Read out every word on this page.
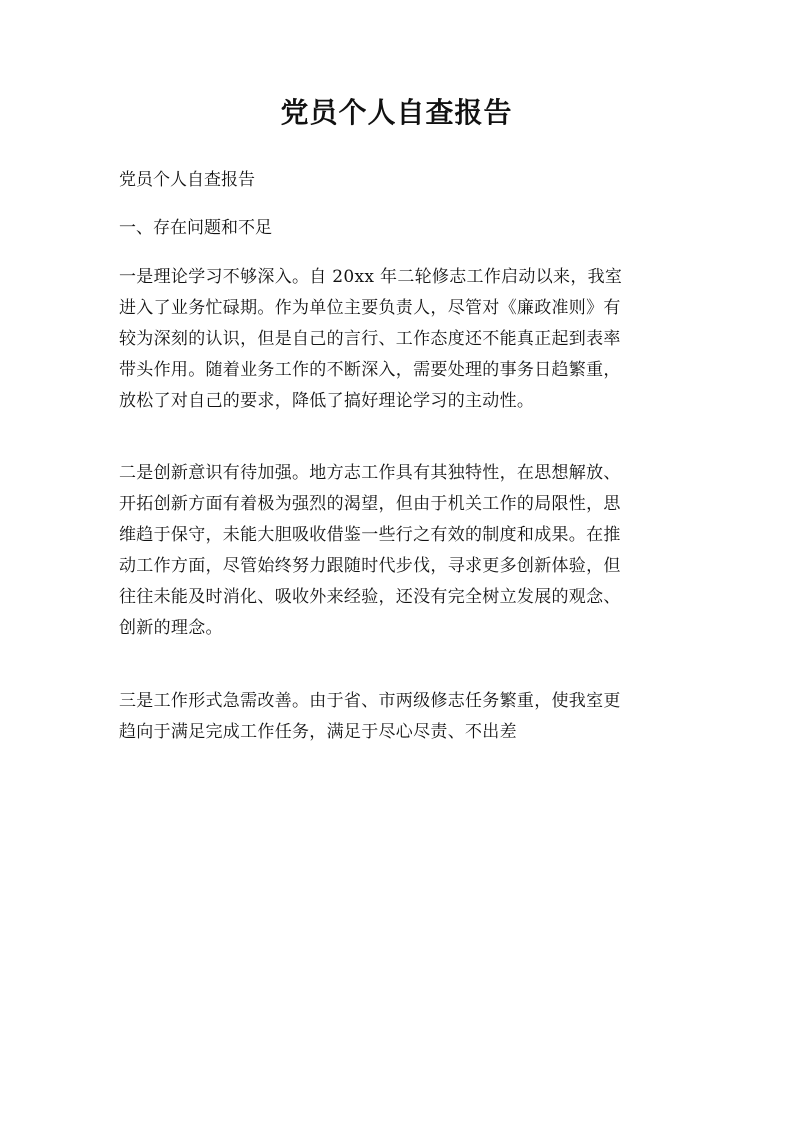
党员个人自查报告

党员个人自查报告

一、存在问题和不足

一是理论学习不够深入。自 20xx 年二轮修志工作启动以来，我室
进入了业务忙碌期。作为单位主要负责人，尽管对《廉政准则》有
较为深刻的认识，但是自己的言行、工作态度还不能真正起到表率
带头作用。随着业务工作的不断深入，需要处理的事务日趋繁重，
放松了对自己的要求，降低了搞好理论学习的主动性。

二是创新意识有待加强。地方志工作具有其独特性，在思想解放、
开拓创新方面有着极为强烈的渴望，但由于机关工作的局限性，思
维趋于保守，未能大胆吸收借鉴一些行之有效的制度和成果。在推
动工作方面，尽管始终努力跟随时代步伐，寻求更多创新体验，但
往往未能及时消化、吸收外来经验，还没有完全树立发展的观念、
创新的理念。

三是工作形式急需改善。由于省、市两级修志任务繁重，使我室更
趋向于满足完成工作任务，满足于尽心尽责、不出差
